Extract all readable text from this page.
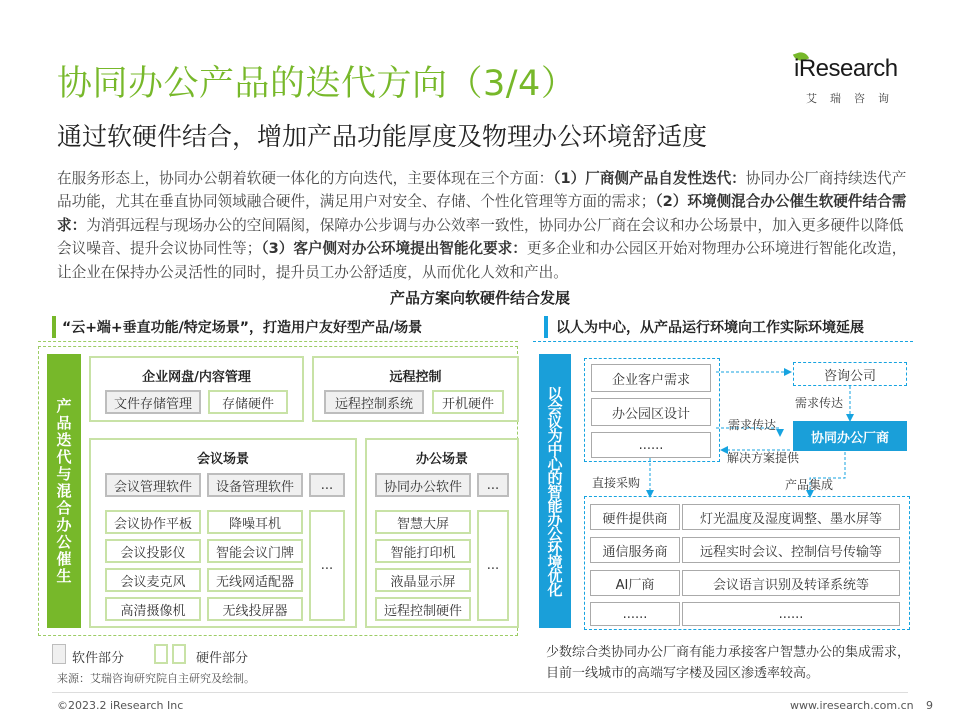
协同办公产品的迭代方向（3/4）
通过软硬件结合，增加产品功能厚度及物理办公环境舒适度
iResearch
艾瑞咨询
在服务形态上，协同办公朝着软硬一体化的方向迭代，主要体现在三个方面：（1）厂商侧产品自发性迭代：协同办公厂商持续迭代产品功能，尤其在垂直协同领域融合硬件，满足用户对安全、存储、个性化管理等方面的需求；（2）环境侧混合办公催生软硬件结合需求：为消弭远程与现场办公的空间隔阂，保障办公步调与办公效率一致性，协同办公厂商在会议和办公场景中，加入更多硬件以降低会议噪音、提升会议协同性等；（3）客户侧对办公环境提出智能化要求：更多企业和办公园区开始对物理办公环境进行智能化改造，让企业在保持办公灵活性的同时，提升员工办公舒适度，从而优化人效和产出。
产品方案向软硬件结合发展
“云+端+垂直功能/特定场景”，打造用户友好型产品/场景
产品迭代与混合办公催生
企业网盘/内容管理
文件存储管理	存储硬件
远程控制
远程控制系统	开机硬件
会议场景
会议管理软件	设备管理软件	...
会议协作平板
会议投影仪
会议麦克风
高清摄像机
降噪耳机
智能会议门牌
无线网适配器
无线投屏器
...
办公场景
协同办公软件	...
智慧大屏
智能打印机
液晶显示屏
远程控制硬件
...
软件部分	硬件部分
以人为中心，从产品运行环境向工作实际环境延展
以会议为中心的智能办公环境优化
企业客户需求
办公园区设计
......
咨询公司
协同办公厂商
需求传达
需求传达
解决方案提供
直接采购	产品集成
硬件提供商	灯光温度及湿度调整、墨水屏等
通信服务商	远程实时会议、控制信号传输等
AI厂商	会议语言识别及转译系统等
......	......
少数综合类协同办公厂商有能力承接客户智慧办公的集成需求，目前一线城市的高端写字楼及园区渗透率较高。
来源：艾瑞咨询研究院自主研究及绘制。
©2023.2 iResearch Inc	www.iresearch.com.cn 9
